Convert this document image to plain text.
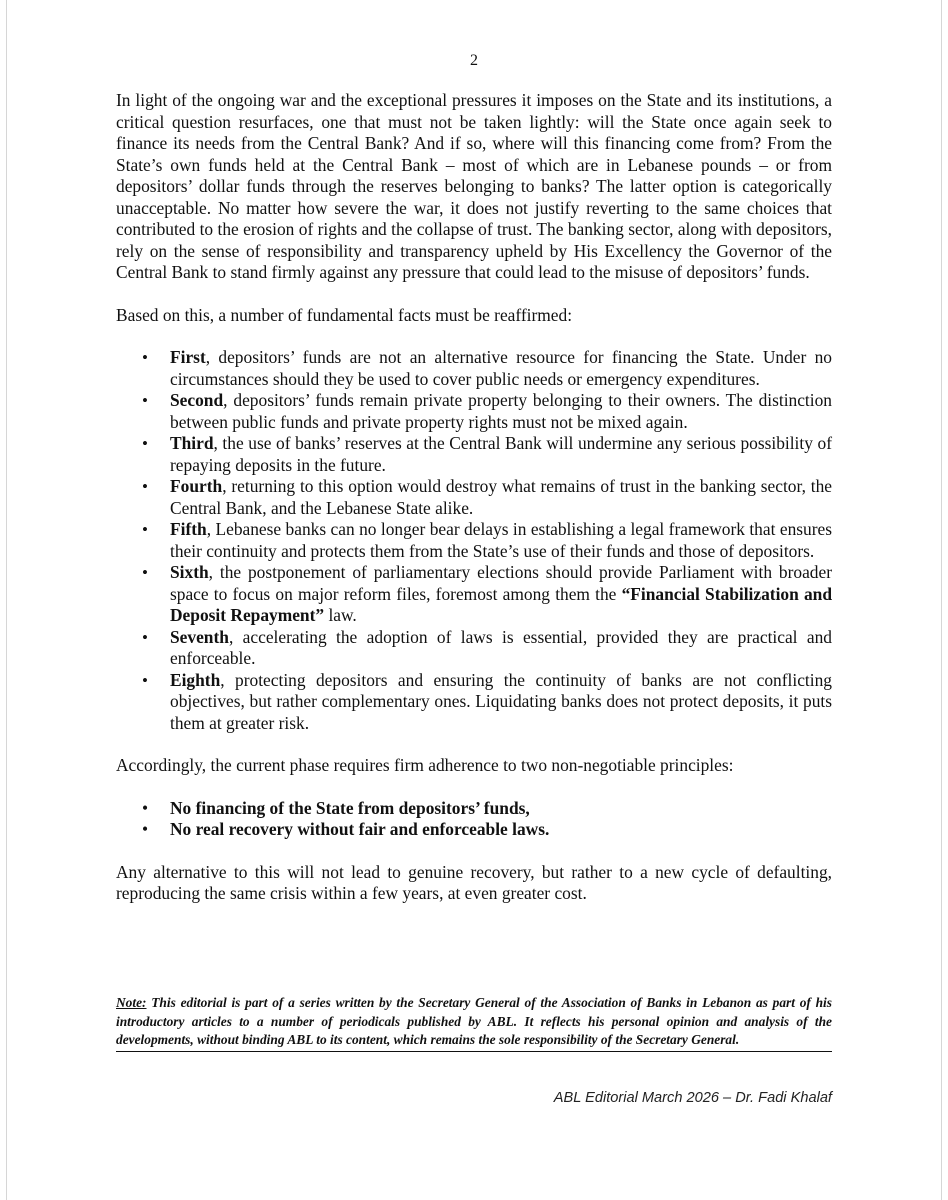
2

In light of the ongoing war and the exceptional pressures it imposes on the State and its institutions, a critical question resurfaces, one that must not be taken lightly: will the State once again seek to finance its needs from the Central Bank? And if so, where will this financing come from? From the State’s own funds held at the Central Bank – most of which are in Lebanese pounds – or from depositors’ dollar funds through the reserves belonging to banks? The latter option is categorically unacceptable. No matter how severe the war, it does not justify reverting to the same choices that contributed to the erosion of rights and the collapse of trust. The banking sector, along with depositors, rely on the sense of responsibility and transparency upheld by His Excellency the Governor of the Central Bank to stand firmly against any pressure that could lead to the misuse of depositors’ funds.

Based on this, a number of fundamental facts must be reaffirmed:

• First, depositors’ funds are not an alternative resource for financing the State. Under no circumstances should they be used to cover public needs or emergency expenditures.
• Second, depositors’ funds remain private property belonging to their owners. The distinction between public funds and private property rights must not be mixed again.
• Third, the use of banks’ reserves at the Central Bank will undermine any serious possibility of repaying deposits in the future.
• Fourth, returning to this option would destroy what remains of trust in the banking sector, the Central Bank, and the Lebanese State alike.
• Fifth, Lebanese banks can no longer bear delays in establishing a legal framework that ensures their continuity and protects them from the State’s use of their funds and those of depositors.
• Sixth, the postponement of parliamentary elections should provide Parliament with broader space to focus on major reform files, foremost among them the “Financial Stabilization and Deposit Repayment” law.
• Seventh, accelerating the adoption of laws is essential, provided they are practical and enforceable.
• Eighth, protecting depositors and ensuring the continuity of banks are not conflicting objectives, but rather complementary ones. Liquidating banks does not protect deposits, it puts them at greater risk.

Accordingly, the current phase requires firm adherence to two non-negotiable principles:

• No financing of the State from depositors’ funds,
• No real recovery without fair and enforceable laws.

Any alternative to this will not lead to genuine recovery, but rather to a new cycle of defaulting, reproducing the same crisis within a few years, at even greater cost.

Note: This editorial is part of a series written by the Secretary General of the Association of Banks in Lebanon as part of his introductory articles to a number of periodicals published by ABL. It reflects his personal opinion and analysis of the developments, without binding ABL to its content, which remains the sole responsibility of the Secretary General.
ABL Editorial March 2026 – Dr. Fadi Khalaf
